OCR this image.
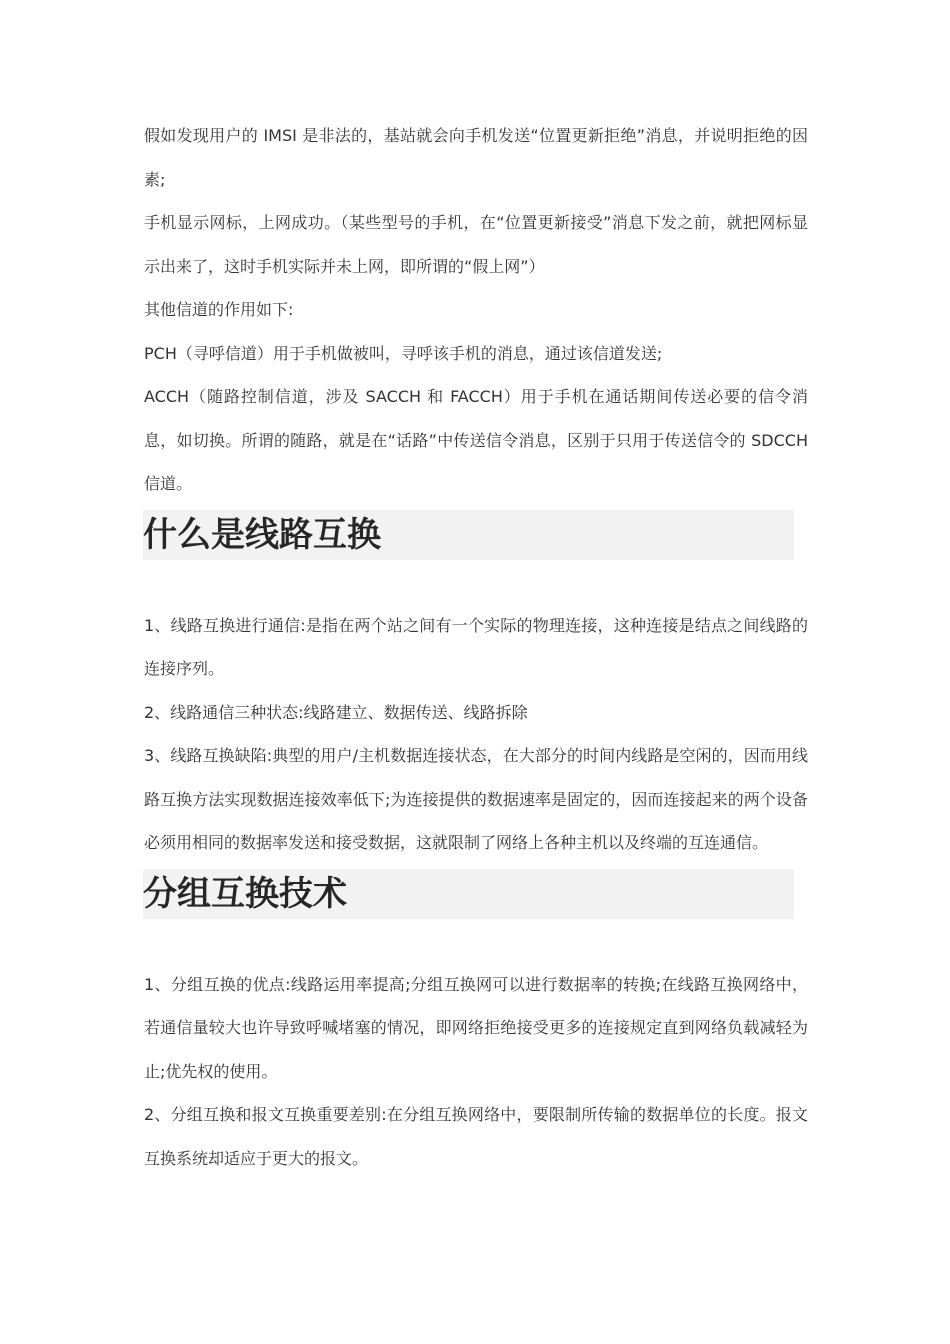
假如发现用户的 IMSI 是非法的，基站就会向手机发送“位置更新拒绝”消息，并说明拒绝的因素;

手机显示网标，上网成功。（某些型号的手机，在“位置更新接受”消息下发之前，就把网标显示出来了，这时手机实际并未上网，即所谓的“假上网”）

其他信道的作用如下:

PCH（寻呼信道）用于手机做被叫，寻呼该手机的消息，通过该信道发送;

ACCH（随路控制信道，涉及 SACCH 和 FACCH）用于手机在通话期间传送必要的信令消息，如切换。所谓的随路，就是在“话路”中传送信令消息，区别于只用于传送信令的 SDCCH 信道。

什么是线路互换

1、线路互换进行通信:是指在两个站之间有一个实际的物理连接，这种连接是结点之间线路的连接序列。

2、线路通信三种状态:线路建立、数据传送、线路拆除

3、线路互换缺陷:典型的用户/主机数据连接状态，在大部分的时间内线路是空闲的，因而用线路互换方法实现数据连接效率低下;为连接提供的数据速率是固定的，因而连接起来的两个设备必须用相同的数据率发送和接受数据，这就限制了网络上各种主机以及终端的互连通信。

分组互换技术

1、分组互换的优点:线路运用率提高;分组互换网可以进行数据率的转换;在线路互换网络中，若通信量较大也许导致呼喊堵塞的情况，即网络拒绝接受更多的连接规定直到网络负载减轻为止;优先权的使用。

2、分组互换和报文互换重要差别:在分组互换网络中，要限制所传输的数据单位的长度。报文互换系统却适应于更大的报文。
